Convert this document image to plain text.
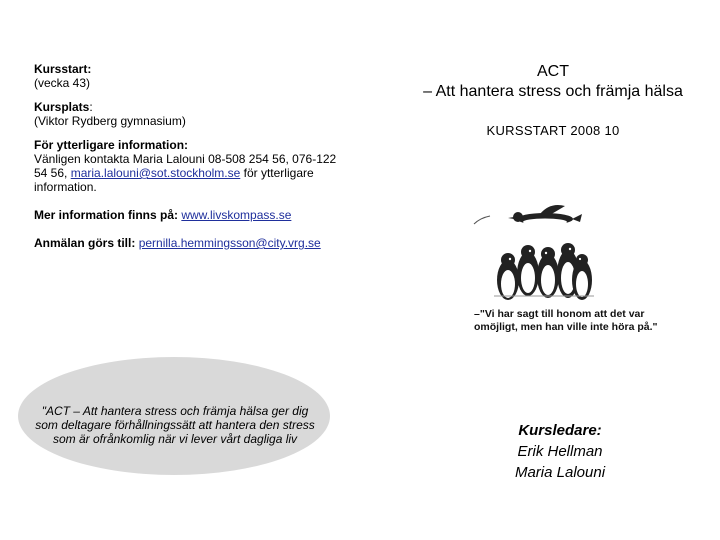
Kursstart:
(vecka 43)
Kursplats:
(Viktor Rydberg gymnasium)
För ytterligare information:
Vänligen kontakta Maria Lalouni 08-508 254 56, 076-122 54 56, maria.lalouni@sot.stockholm.se för ytterligare information.
Mer information finns på: www.livskompass.se
Anmälan görs till: pernilla.hemmingsson@city.vrg.se
"ACT – Att hantera stress och främja hälsa ger dig som deltagare förhållningssätt att hantera den stress som är ofrånkomlig när vi lever vårt dagliga liv
ACT
– Att hantera stress och främja hälsa
KURSSTART 2008 10
–"Vi har sagt till honom att det var omöjligt, men han ville inte höra på."
Kursledare:
Erik Hellman
Maria Lalouni
